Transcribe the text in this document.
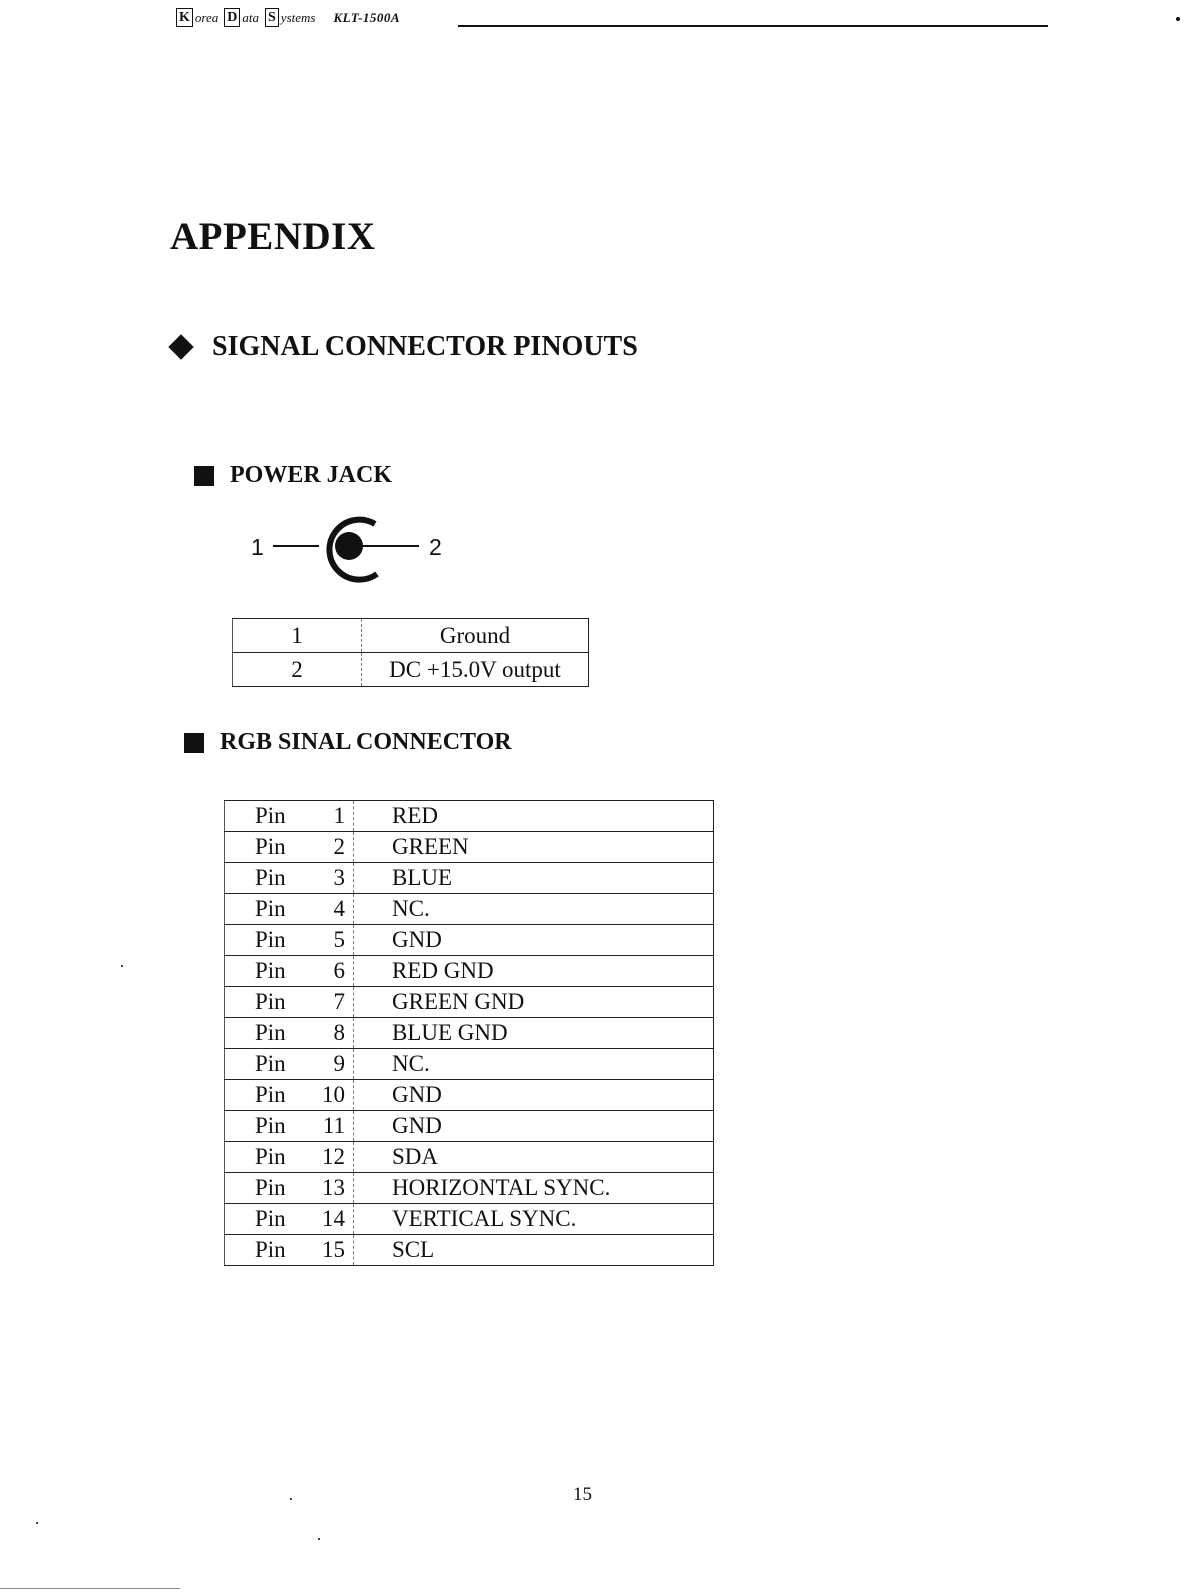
K orea D ata S ystems KLT-1500A
APPENDIX
SIGNAL CONNECTOR PINOUTS
POWER JACK
1	2
1	Ground
2	DC +15.0V output
RGB SINAL CONNECTOR
Pin 1	RED
Pin 2	GREEN
Pin 3	BLUE
Pin 4	NC.
Pin 5	GND
Pin 6	RED GND
Pin 7	GREEN GND
Pin 8	BLUE GND
Pin 9	NC.
Pin 10	GND
Pin 11	GND
Pin 12	SDA
Pin 13	HORIZONTAL SYNC.
Pin 14	VERTICAL SYNC.
Pin 15	SCL
15
